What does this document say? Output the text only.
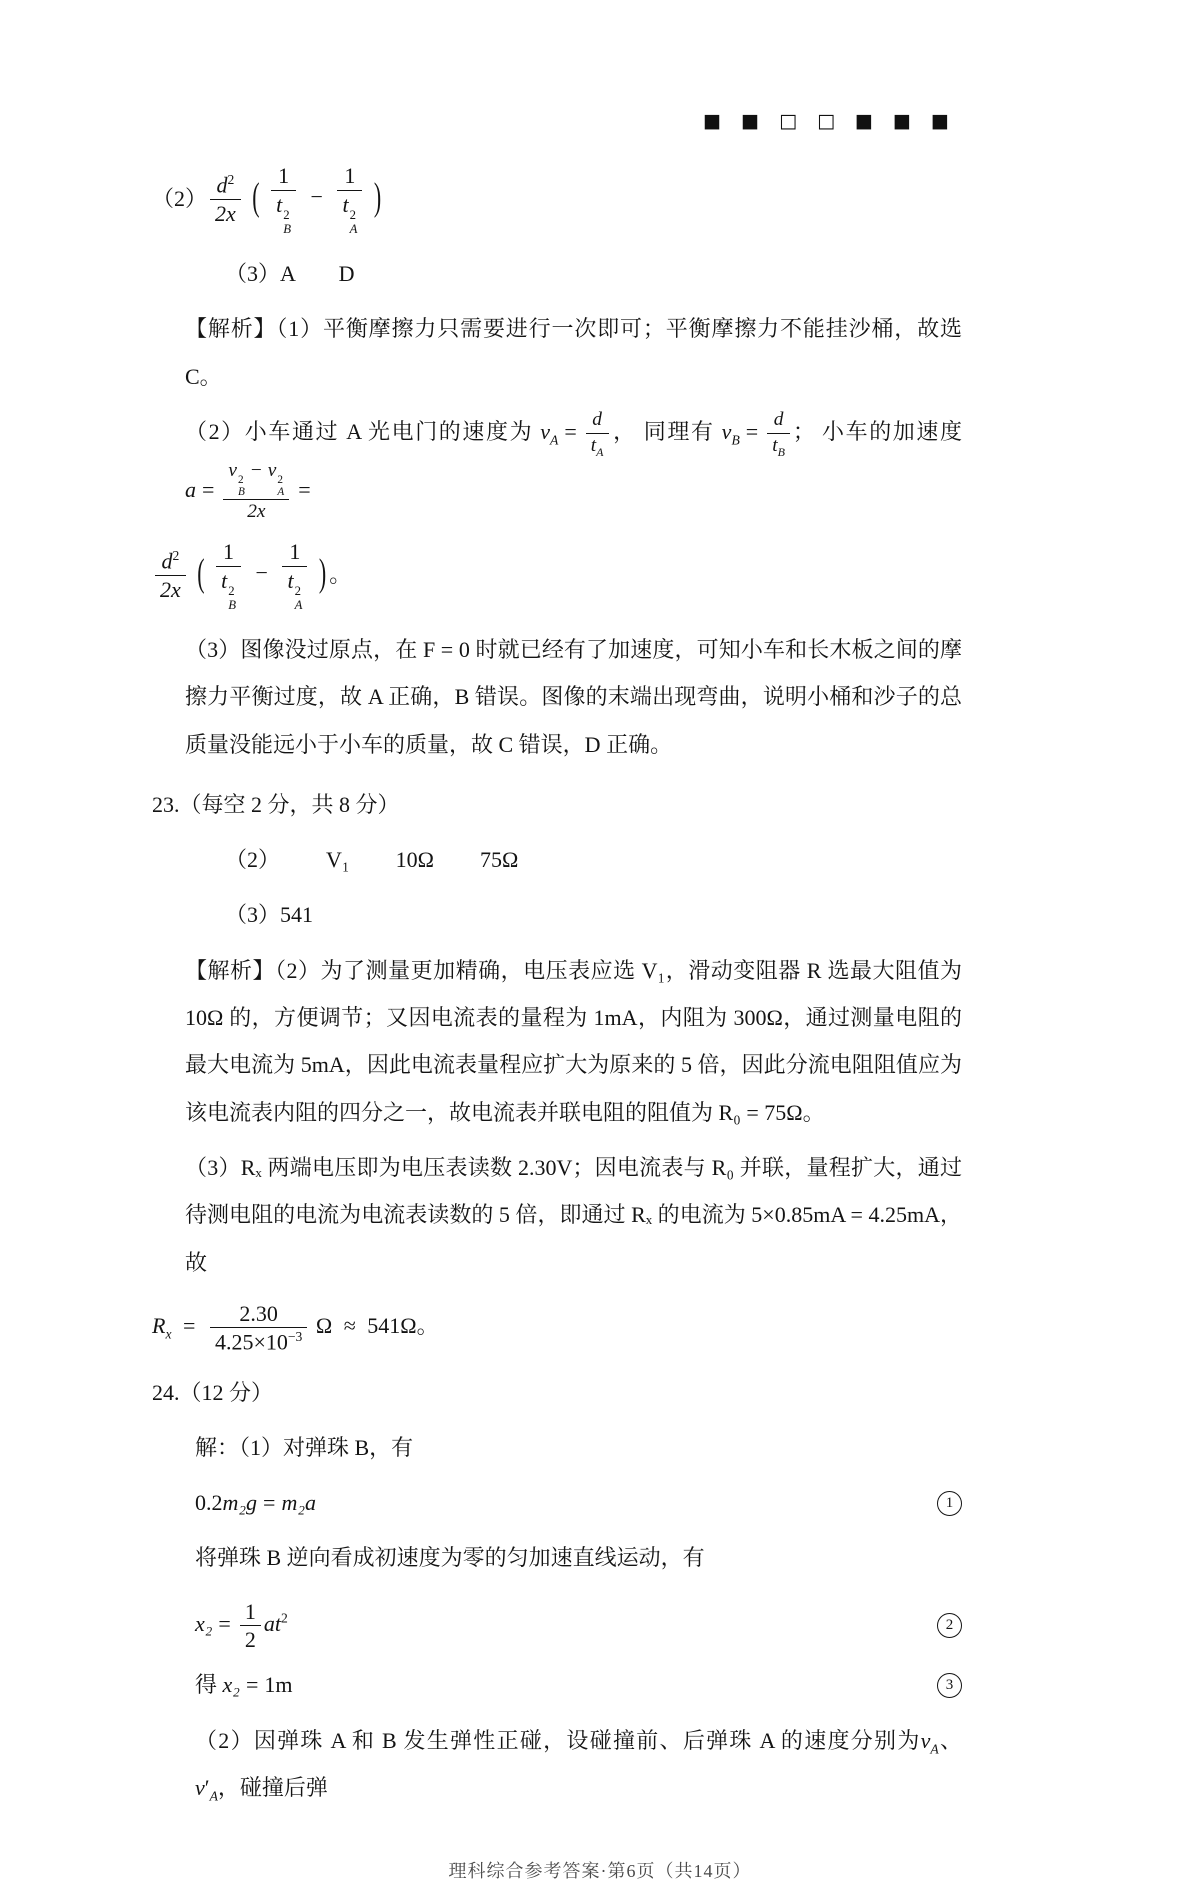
■ ■ □ □ ■ ■ ■
$(2) \frac{d^2}{2x}$ ( 1
t 2
B − 1
t 2
A )

（3）A　　D

【解析】（1）平衡摩擦力只需要进行一次即可；平衡摩擦力不能挂沙桶，故选 C。

（2）小车通过 A 光电门的速度为 $v_A = \frac{d}{t_A}$ ， 同理有 $v_B = \frac{d}{t_B}$ ； 小车的加速度 a = v 2
B
− v 2
A
2x =
$\frac{d^2}{2x}$ ( 1
t 2
B − 1
t 2
A ) 。

（3）图像没过原点，在 F = 0 时就已经有了加速度，可知小车和长木板之间的摩擦力平衡过度，故 A 正确，B 错误。图像的末端出现弯曲，说明小桶和沙子的总质量没能远小于小车的质量，故 C 错误，D 正确。

23.（每空 2 分，共 8 分）

（2） V₁ 10Ω 75Ω

（3）541

【解析】（2）为了测量更加精确，电压表应选 V₁，滑动变阻器 R 选最大阻值为 10Ω 的，方便调节；又因电流表的量程为 1mA，内阻为 300Ω，通过测量电阻的最大电流为 5mA，因此电流表量程应扩大为原来的 5 倍，因此分流电阻阻值应为该电流表内阻的四分之一，故电流表并联电阻的阻值为 R₀ = 75Ω。

（3）Rₓ 两端电压即为电压表读数 2.30V；因电流表与 R₀ 并联，量程扩大，通过待测电阻的电流为电流表读数的 5 倍，即通过 Rₓ 的电流为 5×0.85mA = 4.25mA，故

$R_x = \frac{2.30}{4.25\times 10^{-3}}$ Ω ≈ 541Ω。

24.（12 分）

解：（1）对弹珠 B，有

0.2m₂g = m₂a	1

将弹珠 B 逆向看成初速度为零的匀加速直线运动，有

$x_2 = \frac{1}{2} at^2$	2
得 x₂ = 1m	3

（2）因弹珠 A 和 B 发生弹性正碰，设碰撞前、后弹珠 A 的速度分别为$v_A$、$v'_A$，碰撞后弹

理科综合参考答案·第6页（共14页）
